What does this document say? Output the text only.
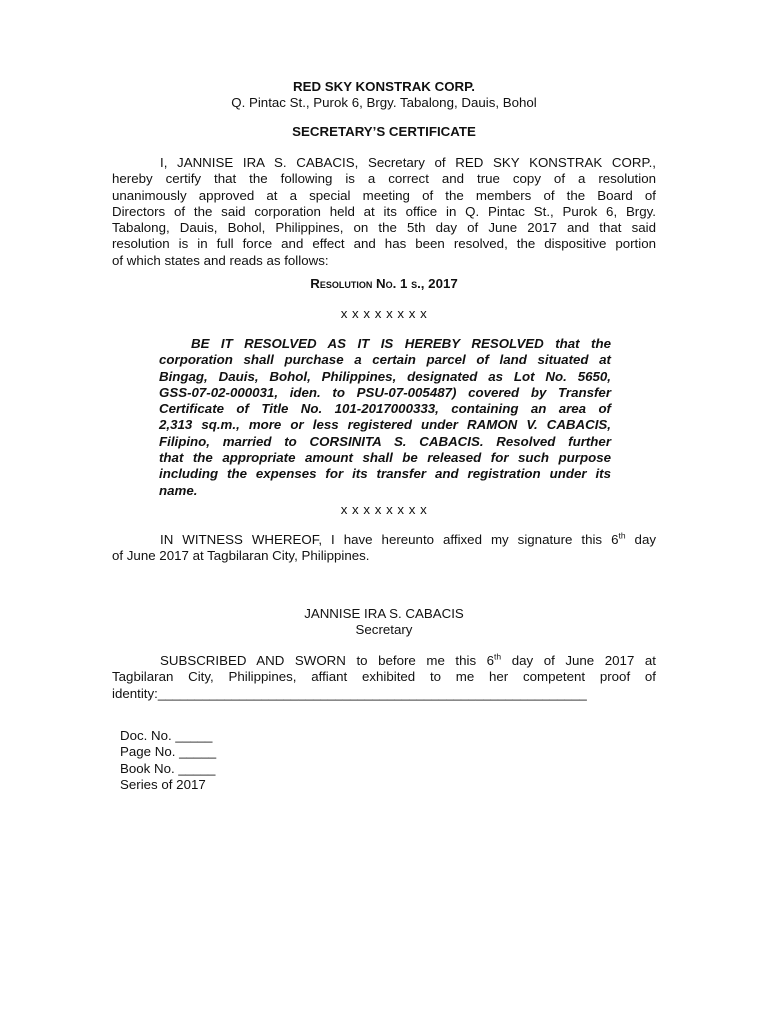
RED SKY KONSTRAK CORP.
Q. Pintac St., Purok 6, Brgy. Tabalong, Dauis, Bohol
SECRETARY’S CERTIFICATE
I, JANNISE IRA S. CABACIS, Secretary of RED SKY KONSTRAK CORP.,
hereby certify that the following is a correct and true copy of a resolution
unanimously approved at a special meeting of the members of the Board of
Directors of the said corporation held at its office in Q. Pintac St., Purok 6, Brgy.
Tabalong, Dauis, Bohol, Philippines, on the 5th day of June 2017 and that said
resolution is in full force and effect and has been resolved, the dispositive portion
of which states and reads as follows:
Resolution No. 1 s., 2017
x x x x x x x x
BE IT RESOLVED AS IT IS HEREBY RESOLVED that the
corporation shall purchase a certain parcel of land situated at
Bingag, Dauis, Bohol, Philippines, designated as Lot No. 5650,
GSS-07-02-000031, iden. to PSU-07-005487) covered by Transfer
Certificate of Title No. 101-2017000333, containing an area of
2,313 sq.m., more or less registered under RAMON V. CABACIS,
Filipino, married to CORSINITA S. CABACIS. Resolved further
that the appropriate amount shall be released for such purpose
including the expenses for its transfer and registration under its
name.
x x x x x x x x
IN WITNESS WHEREOF, I have hereunto affixed my signature this 6th day
of June 2017 at Tagbilaran City, Philippines.
JANNISE IRA S. CABACIS
Secretary
SUBSCRIBED AND SWORN to before me this 6th day of June 2017 at
Tagbilaran City, Philippines, affiant exhibited to me her competent proof of
identity:__________________________________________________________
Doc. No. _____
Page No. _____
Book No. _____
Series of 2017
